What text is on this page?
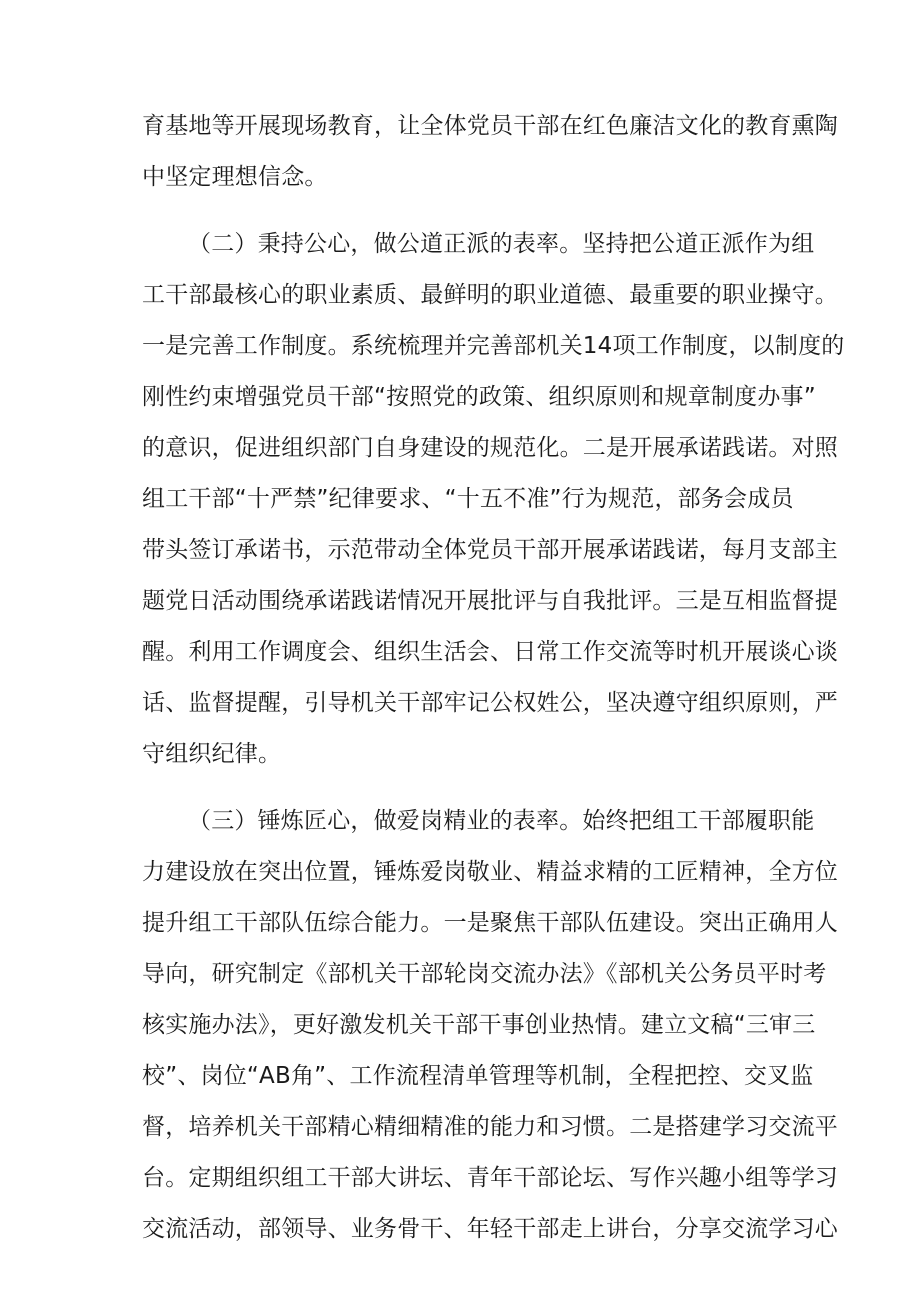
育基地等开展现场教育，让全体党员干部在红色廉洁文化的教育熏陶
中坚定理想信念。
（二）秉持公心，做公道正派的表率。坚持把公道正派作为组
工干部最核心的职业素质、最鲜明的职业道德、最重要的职业操守。
一是完善工作制度。系统梳理并完善部机关14项工作制度，以制度的
刚性约束增强党员干部“按照党的政策、组织原则和规章制度办事”
的意识，促进组织部门自身建设的规范化。二是开展承诺践诺。对照
组工干部“十严禁”纪律要求、“十五不准”行为规范，部务会成员
带头签订承诺书，示范带动全体党员干部开展承诺践诺，每月支部主
题党日活动围绕承诺践诺情况开展批评与自我批评。三是互相监督提
醒。利用工作调度会、组织生活会、日常工作交流等时机开展谈心谈
话、监督提醒，引导机关干部牢记公权姓公，坚决遵守组织原则，严
守组织纪律。
（三）锤炼匠心，做爱岗精业的表率。始终把组工干部履职能
力建设放在突出位置，锤炼爱岗敬业、精益求精的工匠精神，全方位
提升组工干部队伍综合能力。一是聚焦干部队伍建设。突出正确用人
导向，研究制定《部机关干部轮岗交流办法》《部机关公务员平时考
核实施办法》，更好激发机关干部干事创业热情。建立文稿“三审三
校”、岗位“AB角”、工作流程清单管理等机制，全程把控、交叉监
督，培养机关干部精心精细精准的能力和习惯。二是搭建学习交流平
台。定期组织组工干部大讲坛、青年干部论坛、写作兴趣小组等学习
交流活动，部领导、业务骨干、年轻干部走上讲台，分享交流学习心
